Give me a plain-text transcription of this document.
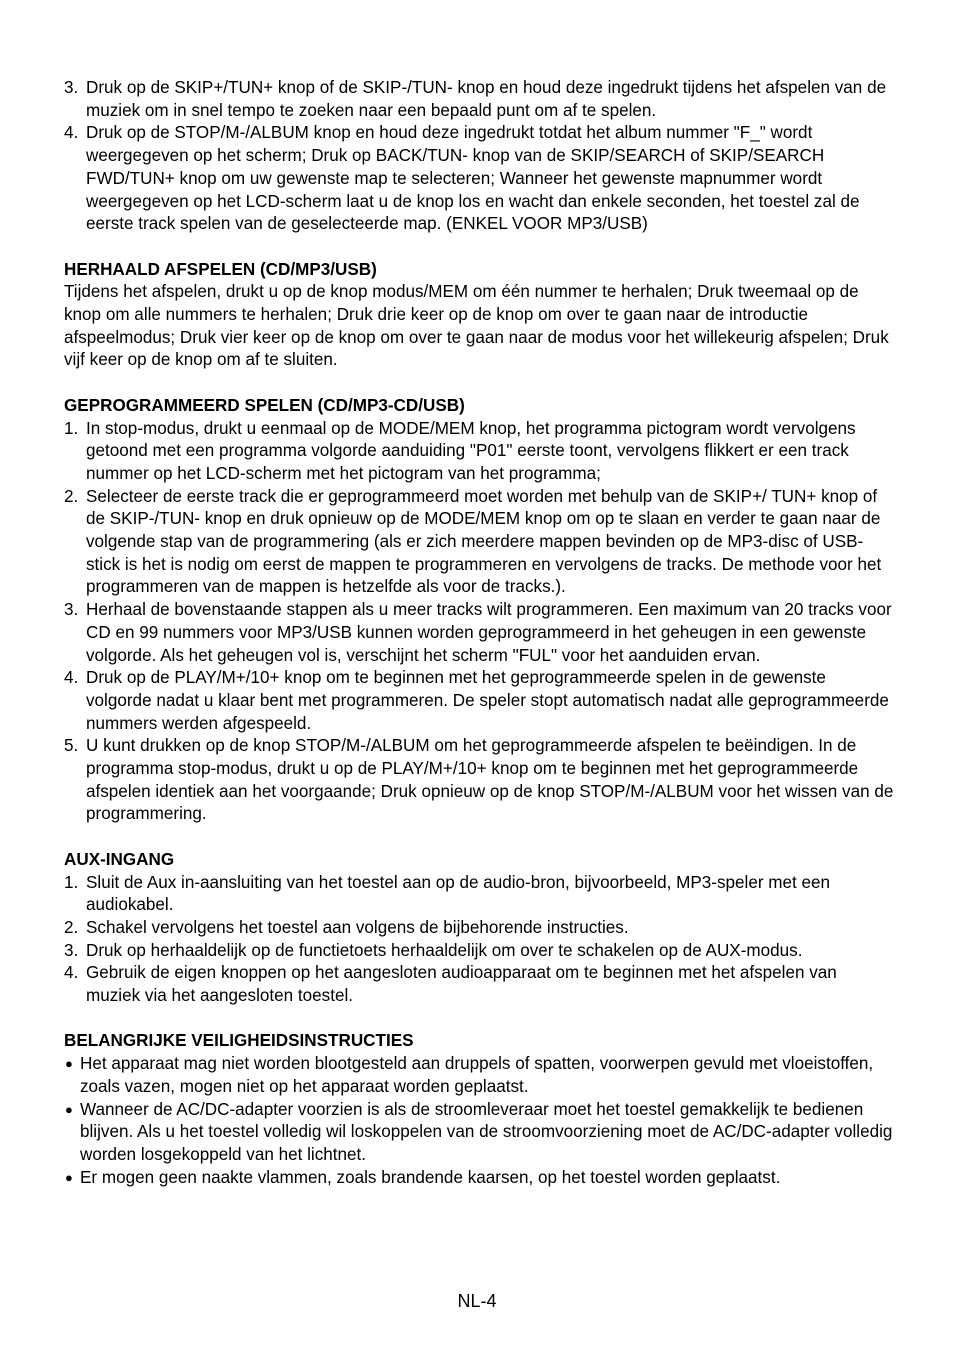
3. Druk op de SKIP+/TUN+ knop of de SKIP-/TUN- knop en houd deze ingedrukt tijdens het afspelen van de muziek om in snel tempo te zoeken naar een bepaald punt om af te spelen.
4. Druk op de STOP/M-/ALBUM knop en houd deze ingedrukt totdat het album nummer "F_" wordt weergegeven op het scherm; Druk op BACK/TUN- knop van de SKIP/SEARCH of SKIP/SEARCH FWD/TUN+ knop om uw gewenste map te selecteren; Wanneer het gewenste mapnummer wordt weergegeven op het LCD-scherm laat u de knop los en wacht dan enkele seconden, het toestel zal de eerste track spelen van de geselecteerde map. (ENKEL VOOR MP3/USB)

HERHAALD AFSPELEN (CD/MP3/USB)

Tijdens het afspelen, drukt u op de knop modus/MEM om één nummer te herhalen; Druk tweemaal op de knop om alle nummers te herhalen; Druk drie keer op de knop om over te gaan naar de introductie afspeelmodus; Druk vier keer op de knop om over te gaan naar de modus voor het willekeurig afspelen; Druk vijf keer op de knop om af te sluiten.

GEPROGRAMMEERD SPELEN (CD/MP3-CD/USB)

1. In stop-modus, drukt u eenmaal op de MODE/MEM knop, het programma pictogram wordt vervolgens getoond met een programma volgorde aanduiding "P01" eerste toont, vervolgens flikkert er een track nummer op het LCD-scherm met het pictogram van het programma;
2. Selecteer de eerste track die er geprogrammeerd moet worden met behulp van de SKIP+/ TUN+ knop of de SKIP-/TUN- knop en druk opnieuw op de MODE/MEM knop om op te slaan en verder te gaan naar de volgende stap van de programmering (als er zich meerdere mappen bevinden op de MP3-disc of USB-stick is het is nodig om eerst de mappen te programmeren en vervolgens de tracks. De methode voor het programmeren van de mappen is hetzelfde als voor de tracks.).
3. Herhaal de bovenstaande stappen als u meer tracks wilt programmeren. Een maximum van 20 tracks voor CD en 99 nummers voor MP3/USB kunnen worden geprogrammeerd in het geheugen in een gewenste volgorde. Als het geheugen vol is, verschijnt het scherm "FUL" voor het aanduiden ervan.
4. Druk op de PLAY/M+/10+ knop om te beginnen met het geprogrammeerde spelen in de gewenste volgorde nadat u klaar bent met programmeren. De speler stopt automatisch nadat alle geprogrammeerde nummers werden afgespeeld.
5. U kunt drukken op de knop STOP/M-/ALBUM om het geprogrammeerde afspelen te beëindigen. In de programma stop-modus, drukt u op de PLAY/M+/10+ knop om te beginnen met het geprogrammeerde afspelen identiek aan het voorgaande; Druk opnieuw op de knop STOP/M-/ALBUM voor het wissen van de programmering.

AUX-INGANG

1. Sluit de Aux in-aansluiting van het toestel aan op de audio-bron, bijvoorbeeld, MP3-speler met een audiokabel.
2. Schakel vervolgens het toestel aan volgens de bijbehorende instructies.
3. Druk op herhaaldelijk op de functietoets herhaaldelijk om over te schakelen op de AUX-modus.
4. Gebruik de eigen knoppen op het aangesloten audioapparaat om te beginnen met het afspelen van muziek via het aangesloten toestel.

BELANGRIJKE VEILIGHEIDSINSTRUCTIES

● Het apparaat mag niet worden blootgesteld aan druppels of spatten, voorwerpen gevuld met vloeistoffen, zoals vazen, mogen niet op het apparaat worden geplaatst.
● Wanneer de AC/DC-adapter voorzien is als de stroomleveraar moet het toestel gemakkelijk te bedienen blijven. Als u het toestel volledig wil loskoppelen van de stroomvoorziening moet de AC/DC-adapter volledig worden losgekoppeld van het lichtnet.
● Er mogen geen naakte vlammen, zoals brandende kaarsen, op het toestel worden geplaatst.
NL-4
